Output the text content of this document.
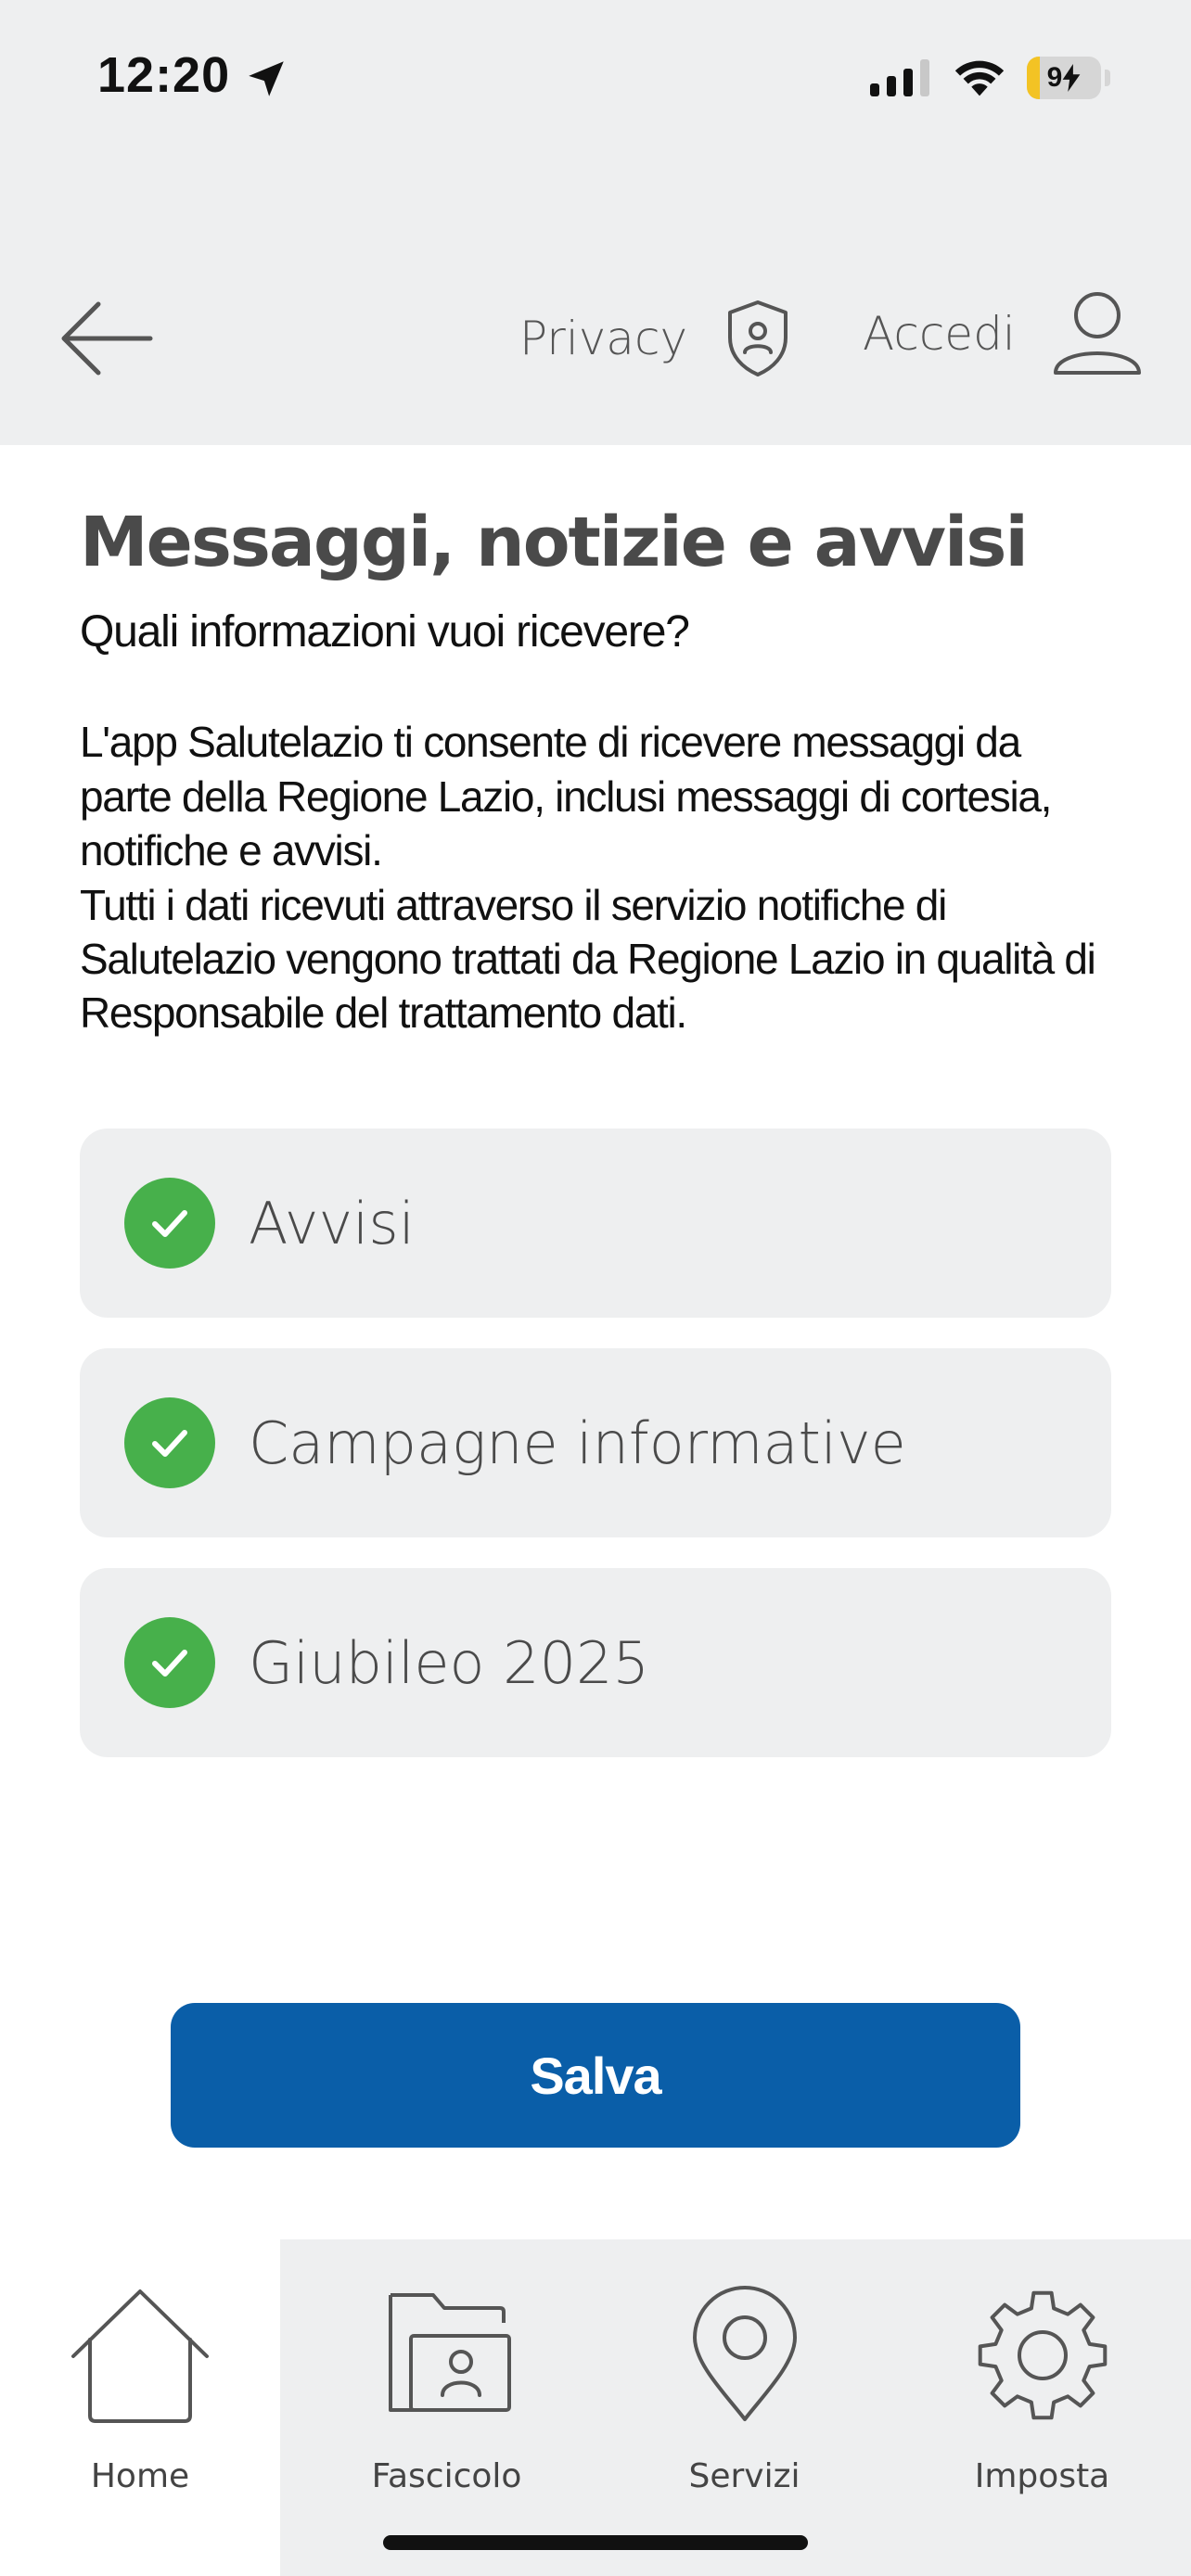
12:20	9
Privacy	Accedi
Messaggi, notizie e avvisi

Quali informazioni vuoi ricevere?

L'app Salutelazio ti consente di ricevere messaggi da parte della Regione Lazio, inclusi messaggi di cortesia, notifiche e avvisi.

Tutti i dati ricevuti attraverso il servizio notifiche di Salutelazio vengono trattati da Regione Lazio in qualità di Responsabile del trattamento dati.

Avvisi
Campagne informative
Giubileo 2025
Salva
Home	Fascicolo	Servizi	Imposta
